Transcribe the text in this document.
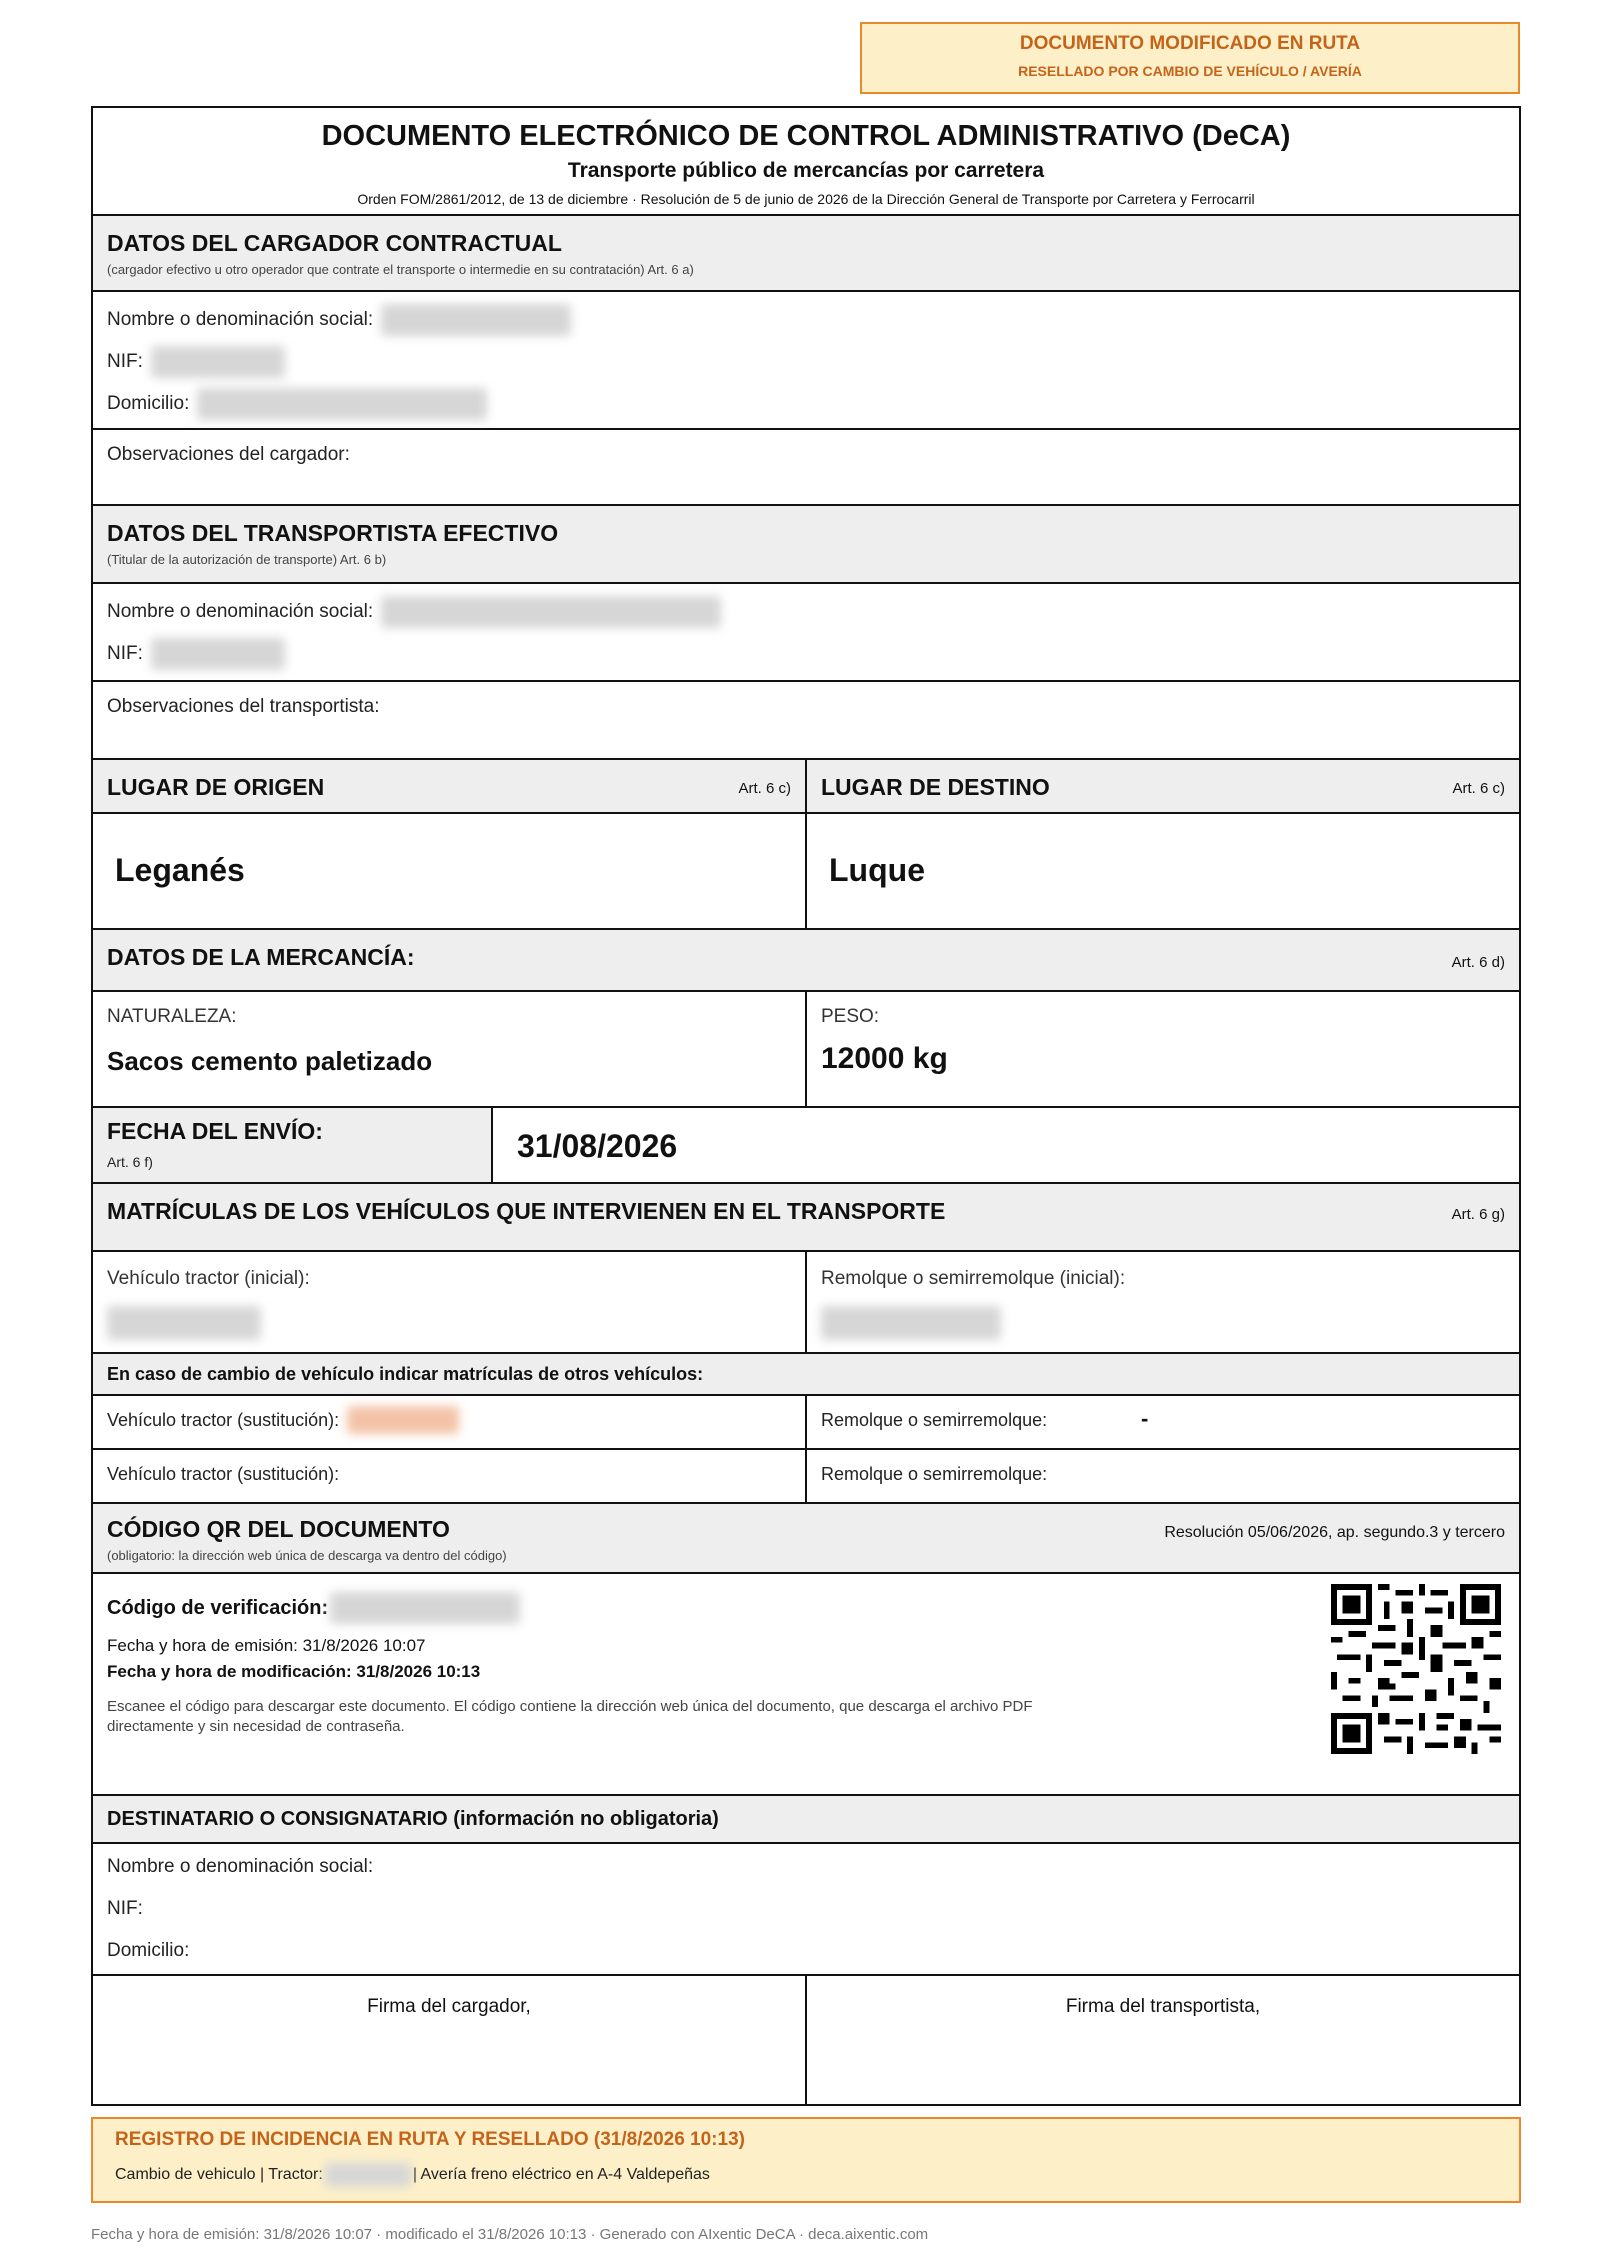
DOCUMENTO MODIFICADO EN RUTA
RESELLADO POR CAMBIO DE VEHÍCULO / AVERÍA
DOCUMENTO ELECTRÓNICO DE CONTROL ADMINISTRATIVO (DeCA)
Transporte público de mercancías por carretera
Orden FOM/2861/2012, de 13 de diciembre · Resolución de 5 de junio de 2026 de la Dirección General de Transporte por Carretera y Ferrocarril
DATOS DEL CARGADOR CONTRACTUAL
(cargador efectivo u otro operador que contrate el transporte o intermedie en su contratación) Art. 6 a)
Nombre o denominación social:
NIF:
Domicilio:
Observaciones del cargador:
DATOS DEL TRANSPORTISTA EFECTIVO
(Titular de la autorización de transporte) Art. 6 b)
Nombre o denominación social:
NIF:
Observaciones del transportista:
LUGAR DE ORIGEN	Art. 6 c) LUGAR DE DESTINO	Art. 6 c)
Leganés	Luque
DATOS DE LA MERCANCÍA:	Art. 6 d)
NATURALEZA:
Sacos cemento paletizado
PESO:
12000 kg
FECHA DEL ENVÍO:
Art. 6 f)	31/08/2026
MATRÍCULAS DE LOS VEHÍCULOS QUE INTERVIENEN EN EL TRANSPORTE	Art. 6 g)
Vehículo tractor (inicial):	Remolque o semirremolque (inicial):
En caso de cambio de vehículo indicar matrículas de otros vehículos:
Vehículo tractor (sustitución):	Remolque o semirremolque:	-
Vehículo tractor (sustitución):	Remolque o semirremolque:
CÓDIGO QR DEL DOCUMENTO
(obligatorio: la dirección web única de descarga va dentro del código)
Resolución 05/06/2026, ap. segundo.3 y tercero
Código de verificación:
Fecha y hora de emisión: 31/8/2026 10:07
Fecha y hora de modificación: 31/8/2026 10:13
Escanee el código para descargar este documento. El código contiene la dirección web única del documento, que descarga el archivo PDF
directamente y sin necesidad de contraseña.
DESTINATARIO O CONSIGNATARIO (información no obligatoria)
Nombre o denominación social:
NIF:
Domicilio:
Firma del cargador,	Firma del transportista,
REGISTRO DE INCIDENCIA EN RUTA Y RESELLADO (31/8/2026 10:13)
Cambio de vehiculo | Tractor:	| Avería freno eléctrico en A-4 Valdepeñas
Fecha y hora de emisión: 31/8/2026 10:07 · modificado el 31/8/2026 10:13 · Generado con AIxentic DeCA · deca.aixentic.com
